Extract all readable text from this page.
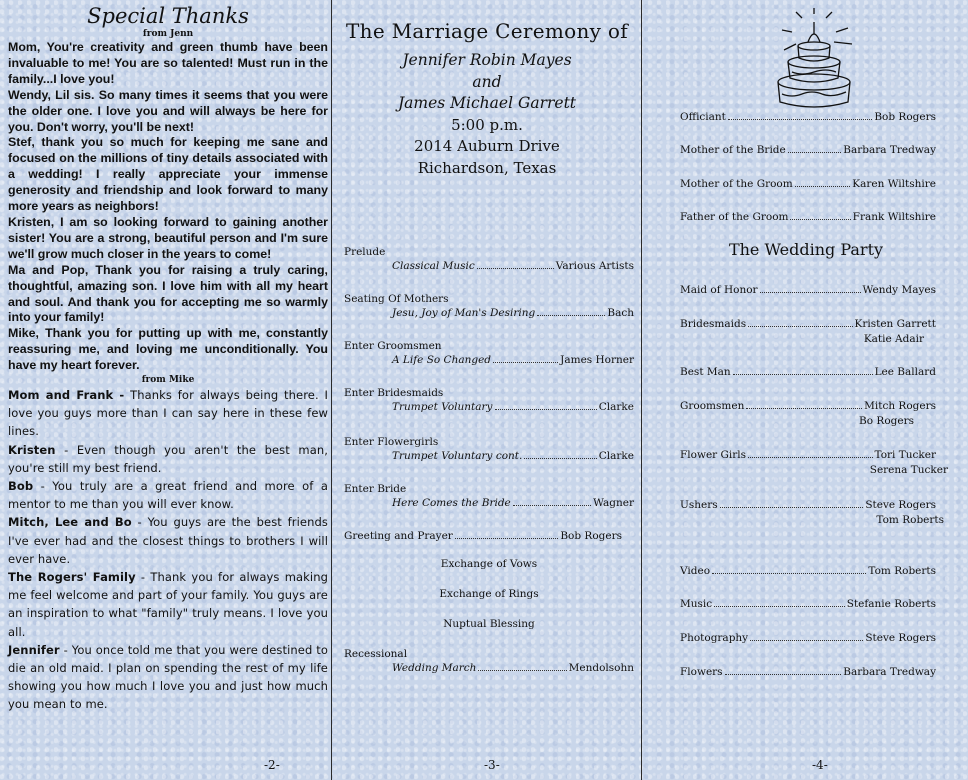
Special Thanks
from Jenn

Mom, You're creativity and green thumb have been invaluable to me! You are so talented! Must run in the family...I love you!

Wendy, Lil sis. So many times it seems that you were the older one. I love you and will always be here for you. Don't worry, you'll be next!

Stef, thank you so much for keeping me sane and focused on the millions of tiny details associated with a wedding! I really appreciate your immense generosity and friendship and look forward to many more years as neighbors!

Kristen, I am so looking forward to gaining another sister! You are a strong, beautiful person and I'm sure we'll grow much closer in the years to come!

Ma and Pop, Thank you for raising a truly caring, thoughtful, amazing son. I love him with all my heart and soul. And thank you for accepting me so warmly into your family!

Mike, Thank you for putting up with me, constantly reassuring me, and loving me unconditionally. You have my heart forever.

from Mike

Mom and Frank - Thanks for always being there. I love you guys more than I can say here in these few lines.

Kristen - Even though you aren't the best man, you're still my best friend.

Bob - You truly are a great friend and more of a mentor to me than you will ever know.

Mitch, Lee and Bo - You guys are the best friends I've ever had and the closest things to brothers I will ever have.

The Rogers' Family - Thank you for always making me feel welcome and part of your family. You guys are an inspiration to what "family" truly means. I love you all.

Jennifer - You once told me that you were destined to die an old maid. I plan on spending the rest of my life showing you how much I love you and just how much you mean to me.

-2-
The Marriage Ceremony of
Jennifer Robin Mayes
and
James Michael Garrett
5:00 p.m.
2014 Auburn Drive
Richardson, Texas
Prelude
Classical Music	Various Artists
Seating Of Mothers
Jesu, Joy of Man's Desiring	Bach
Enter Groomsmen
A Life So Changed	James Horner
Enter Bridesmaids
Trumpet Voluntary	Clarke
Enter Flowergirls
Trumpet Voluntary cont.	Clarke
Enter Bride
Here Comes the Bride	Wagner
Greeting and Prayer	Bob Rogers
Exchange of Vows
Exchange of Rings
Nuptual Blessing
Recessional
Wedding March	Mendolsohn
-3-
Officiant	Bob Rogers
Mother of the Bride	Barbara Tredway
Mother of the Groom	Karen Wiltshire
Father of the Groom	Frank Wiltshire
The Wedding Party
Maid of Honor	Wendy Mayes
Bridesmaids	Kristen Garrett
Katie Adair
Best Man	Lee Ballard
Groomsmen	Mitch Rogers
Bo Rogers
Flower Girls	Tori Tucker
Serena Tucker
Ushers	Steve Rogers
Tom Roberts
Video	Tom Roberts
Music	Stefanie Roberts
Photography	Steve Rogers
Flowers	Barbara Tredway
-4-
